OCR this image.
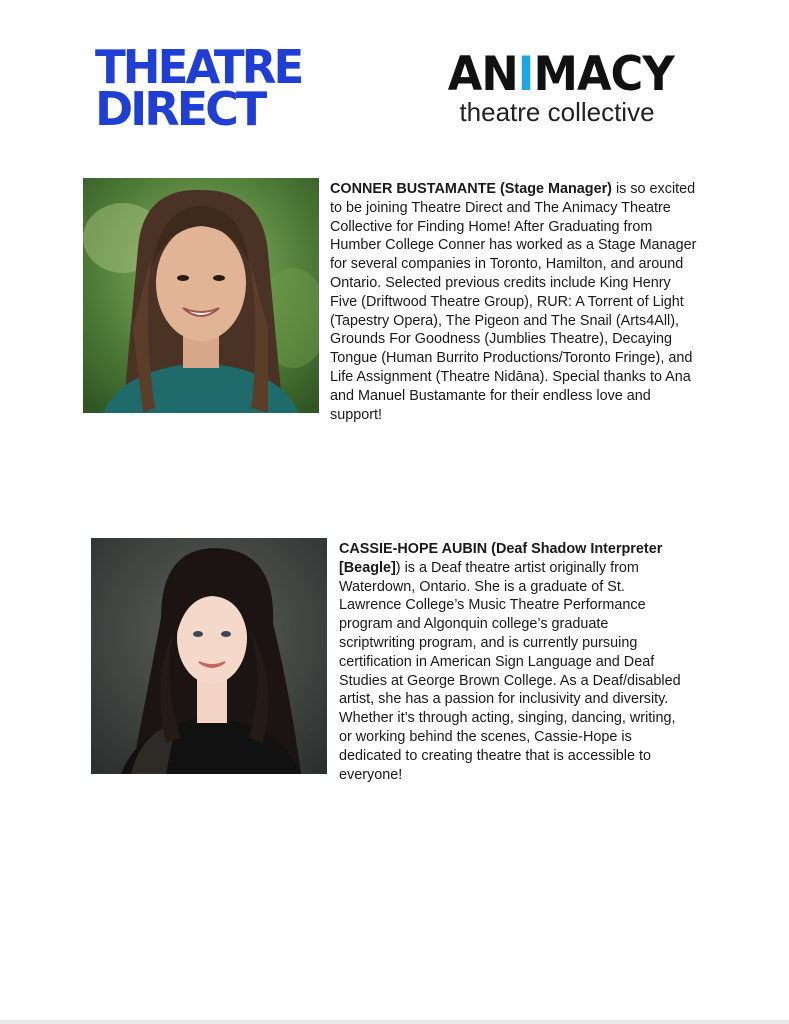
THEATRE
DIRECT
ANIMACY
theatre collective
CONNER BUSTAMANTE (Stage Manager) is so excited to be joining Theatre Direct and The Animacy Theatre Collective for Finding Home! After Graduating from Humber College Conner has worked as a Stage Manager for several companies in Toronto, Hamilton, and around Ontario. Selected previous credits include King Henry Five (Driftwood Theatre Group), RUR: A Torrent of Light (Tapestry Opera), The Pigeon and The Snail (Arts4All), Grounds For Goodness (Jumblies Theatre), Decaying Tongue (Human Burrito Productions/Toronto Fringe), and Life Assignment (Theatre Nidāna). Special thanks to Ana and Manuel Bustamante for their endless love and support!
CASSIE-HOPE AUBIN (Deaf Shadow Interpreter [Beagle]) is a Deaf theatre artist originally from Waterdown, Ontario. She is a graduate of St. Lawrence College’s Music Theatre Performance program and Algonquin college’s graduate scriptwriting program, and is currently pursuing certification in American Sign Language and Deaf Studies at George Brown College. As a Deaf/disabled artist, she has a passion for inclusivity and diversity. Whether it’s through acting, singing, dancing, writing, or working behind the scenes, Cassie-Hope is dedicated to creating theatre that is accessible to everyone!
